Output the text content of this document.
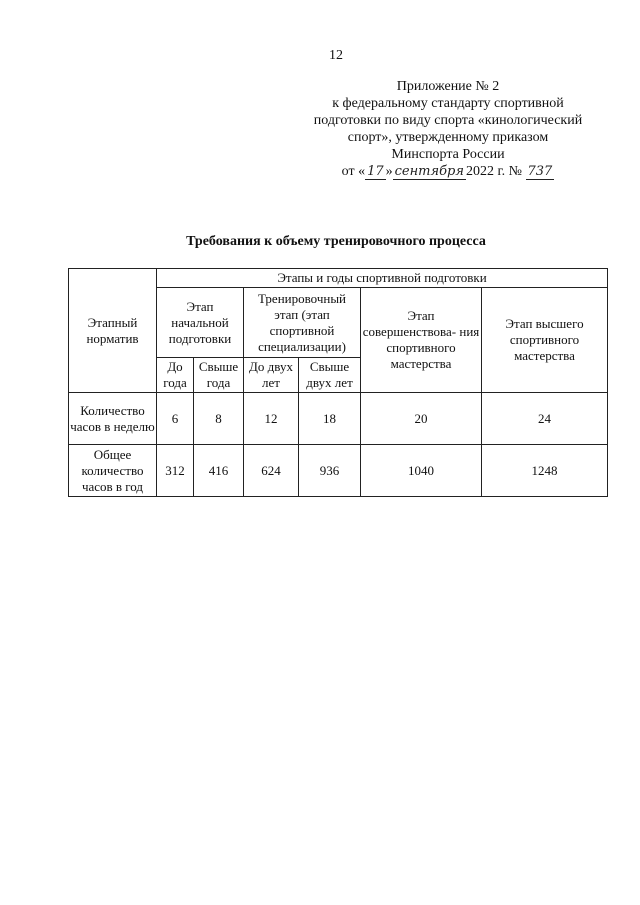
12
Приложение № 2
к федеральному стандарту спортивной
подготовки по виду спорта «кинологический
спорт», утвержденному приказом
Минспорта России
от « 17 » сентября 2022 г. № 737
Требования к объему тренировочного процесса
Этапный норматив	Этапы и годы спортивной подготовки					
	Этап начальной подготовки		Тренировочный этап (этап спортивной специализации)		Этап совершенствова- ния спортивного мастерства	Этап высшего спортивного мастерства
	До года	Свыше года	До двух лет	Свыше двух лет		
Количество часов в неделю	6	8	12	18	20	24
Общее количество часов в год	312	416	624	936	1040	1248
